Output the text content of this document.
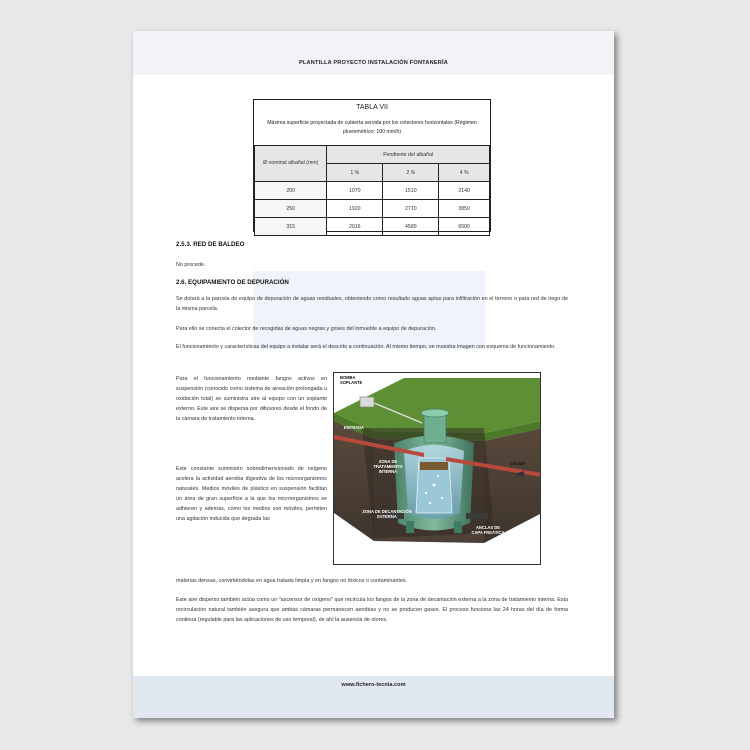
PLANTILLA PROYECTO INSTALACIÓN FONTANERÍA
TABLA VII
Máxima superficie proyectada de cubierta servida por los colectores horizontales (Régimen pluviométrico: 100 mm/h)
Ø nominal albañal (mm)	Pendiente del albañal		
	1 %	2 %	4 %
200	1070	1510	2140
250	1920	2710	3850
315	2016	4589	6500
2.5.3. RED DE BALDEO
No procede.
2.6. EQUIPAMIENTO DE DEPURACIÓN
Se dotará a la parcela de equipo de depuración de aguas residuales, obteniendo como resultado aguas aptas para infiltración en el terreno o para red de riego de la misma parcela.
Para ello se conecta el colector de recogidas de aguas negras y grises del inmueble a equipo de depuración.
El funcionamiento y características del equipo a instalar será el descrito a continuación. Al mismo tiempo, se muestra imagen con esquema de funcionamiento.
Para el funcionamiento mediante fangos activos en suspensión (conocido como sistema de aireación prolongada u oxidación total) se suministra aire al equipo con un soplante externo. Este aire se dispersa por difusores desde el fondo de la cámara de tratamiento interna.
Este constante suministro sobredimensionado de oxígeno acelera la actividad aerobia digestiva de los microorganismos naturales. Medios móviles de plástico en suspensión facilitan un área de gran superficie a la que los microorganismos se adhieren y además, como los medios son móviles, permiten una agitación inducida que degrada las
materias densas, convirtiéndolas en agua tratada limpia y en fangos no tóxicos o contaminantes.
Este aire disperso también actúa como un "ascensor de oxígeno" que recircula los fangos de la zona de decantación externa a la zona de tratamiento interna. Esta recirculación natural también asegura que ambas cámaras permanecen aerobias y no se producen gases. El proceso funciona las 24 horas del día de forma continua (regulable para las aplicaciones de uso temporal), de ahí la ausencia de olores.
BOMBA SOPLANTE
ENTRADA
SALIDA
ZONA DE TRATAMIENTO INTERNA
ZONA DE DECANTACIÓN EXTERNA
ANCLAS DE CAPA FREÁTICA
DIFUSORES DE AIRE
www.fichero-tecnia.com
